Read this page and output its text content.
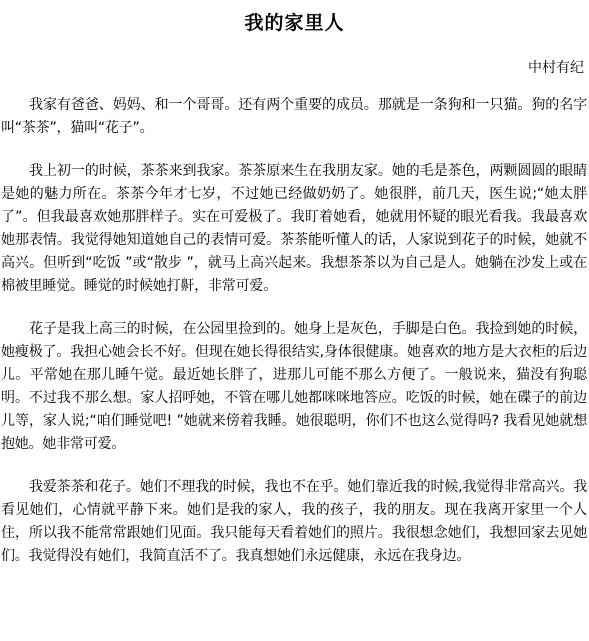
我的家里人
中村有纪

我家有爸爸、妈妈、和一个哥哥。还有两个重要的成员。那就是一条狗和一只猫。狗的名字叫“茶茶”，猫叫“花子”。

我上初一的时候，茶茶来到我家。茶茶原来生在我朋友家。她的毛是茶色，两颗圆圆的眼睛是她的魅力所在。茶茶今年才七岁，不过她已经做奶奶了。她很胖，前几天，医生说;“她太胖了”。但我最喜欢她那胖样子。实在可爱极了。我盯着她看，她就用怀疑的眼光看我。我最喜欢她那表情。我觉得她知道她自己的表情可爱。茶茶能听懂人的话，人家说到花子的时候，她就不高兴。但听到“吃饭 ”或“散步 ”，就马上高兴起来。我想茶茶以为自己是人。她躺在沙发上或在棉被里睡觉。睡觉的时候她打鼾，非常可爱。

花子是我上高三的时候，在公园里捡到的。她身上是灰色，手脚是白色。我捡到她的时候，她瘦极了。我担心她会长不好。但现在她长得很结实,身体很健康。她喜欢的地方是大衣柜的后边儿。平常她在那儿睡午觉。最近她长胖了，进那儿可能不那么方便了。一般说来，猫没有狗聪明。不过我不那么想。家人招呼她，不管在哪儿她都咪咪地答应。吃饭的时候，她在碟子的前边儿等，家人说;“咱们睡觉吧! ”她就来傍着我睡。她很聪明，你们不也这么觉得吗? 我看见她就想抱她。她非常可爱。

我爱茶茶和花子。她们不理我的时候，我也不在乎。她们靠近我的时候,我觉得非常高兴。我看见她们，心情就平静下来。她们是我的家人，我的孩子，我的朋友。现在我离开家里一个人住，所以我不能常常跟她们见面。我只能每天看着她们的照片。我很想念她们，我想回家去见她们。我觉得没有她们，我简直活不了。我真想她们永远健康，永远在我身边。
